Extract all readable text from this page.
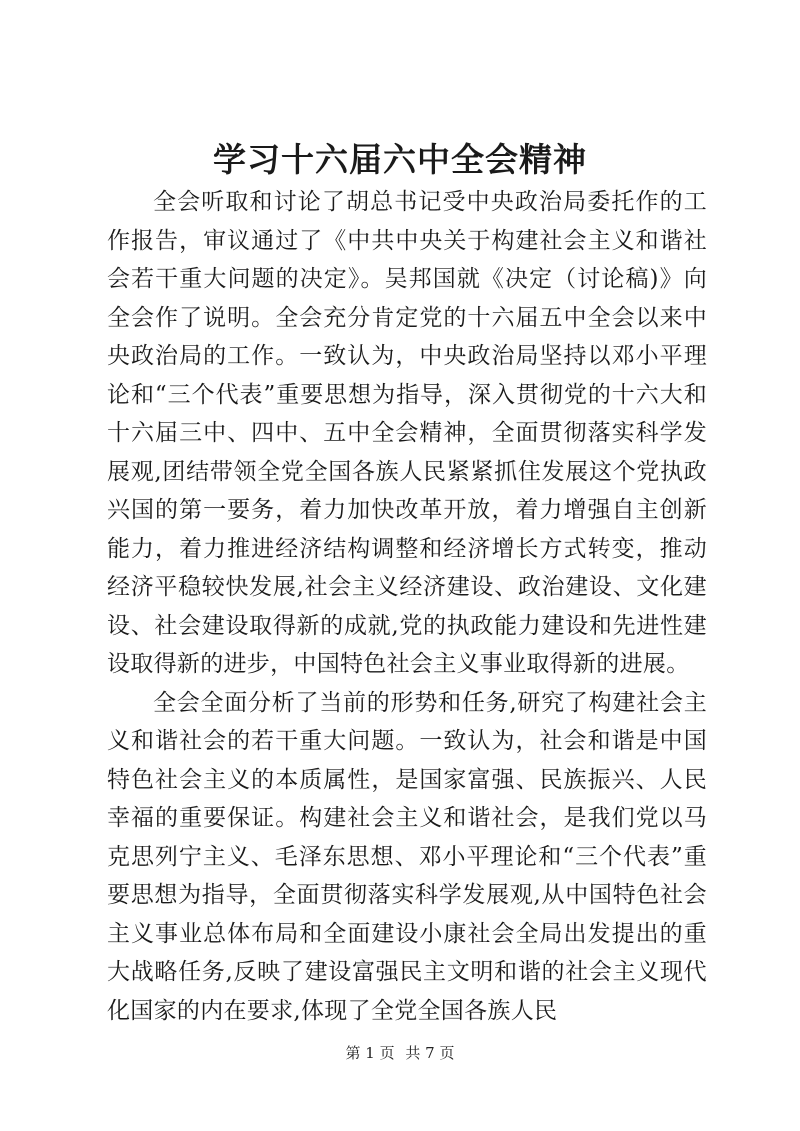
学习十六届六中全会精神

全会听取和讨论了胡总书记受中央政治局委托作的工作报告，审议通过了《中共中央关于构建社会主义和谐社会若干重大问题的决定》。吴邦国就《决定（讨论稿)》向全会作了说明。全会充分肯定党的十六届五中全会以来中央政治局的工作。一致认为，中央政治局坚持以邓小平理论和“三个代表”重要思想为指导，深入贯彻党的十六大和十六届三中、四中、五中全会精神，全面贯彻落实科学发展观,团结带领全党全国各族人民紧紧抓住发展这个党执政兴国的第一要务，着力加快改革开放，着力增强自主创新能力，着力推进经济结构调整和经济增长方式转变，推动经济平稳较快发展,社会主义经济建设、政治建设、文化建设、社会建设取得新的成就,党的执政能力建设和先进性建设取得新的进步，中国特色社会主义事业取得新的进展。

全会全面分析了当前的形势和任务,研究了构建社会主义和谐社会的若干重大问题。一致认为，社会和谐是中国特色社会主义的本质属性，是国家富强、民族振兴、人民幸福的重要保证。构建社会主义和谐社会，是我们党以马克思列宁主义、毛泽东思想、邓小平理论和“三个代表”重要思想为指导，全面贯彻落实科学发展观,从中国特色社会主义事业总体布局和全面建设小康社会全局出发提出的重大战略任务,反映了建设富强民主文明和谐的社会主义现代化国家的内在要求,体现了全党全国各族人民

第 1 页 共 7 页
